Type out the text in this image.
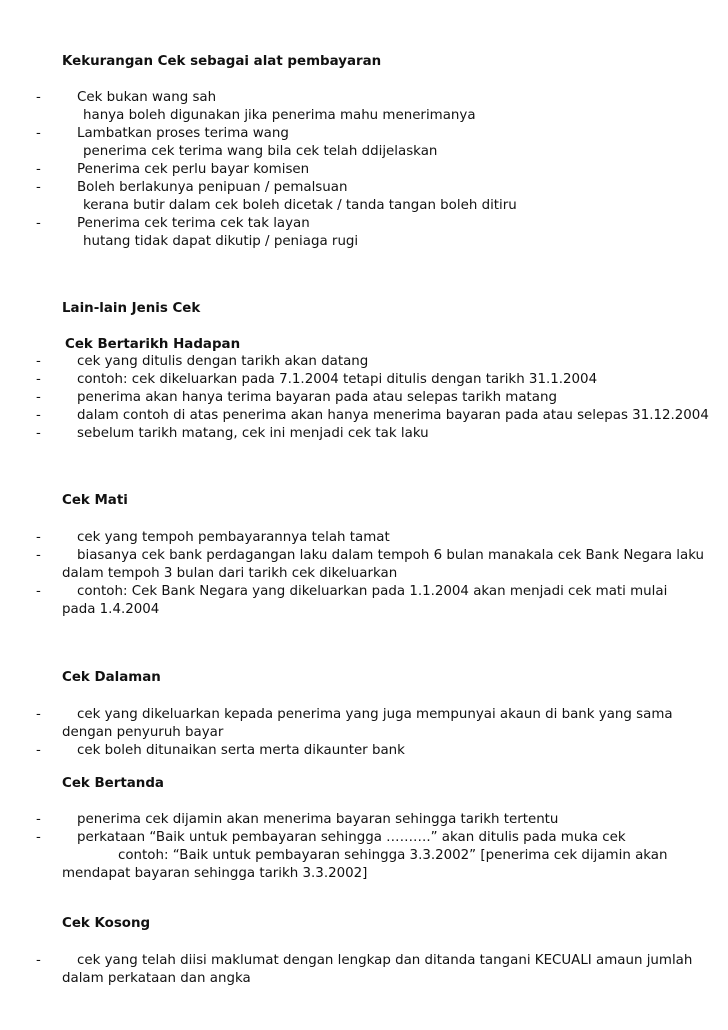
Kekurangan Cek sebagai alat pembayaran
-	Cek bukan wang sah
hanya boleh digunakan jika penerima mahu menerimanya
-	Lambatkan proses terima wang
penerima cek terima wang bila cek telah ddijelaskan
-	Penerima cek perlu bayar komisen
-	Boleh berlakunya penipuan / pemalsuan
kerana butir dalam cek boleh dicetak / tanda tangan boleh ditiru
-	Penerima cek terima cek tak layan
hutang tidak dapat dikutip / peniaga rugi
Lain-lain Jenis Cek
Cek Bertarikh Hadapan
-	cek yang ditulis dengan tarikh akan datang
-	contoh: cek dikeluarkan pada 7.1.2004 tetapi ditulis dengan tarikh 31.1.2004
-	penerima akan hanya terima bayaran pada atau selepas tarikh matang
-	dalam contoh di atas penerima akan hanya menerima bayaran pada atau selepas 31.12.2004
-	sebelum tarikh matang, cek ini menjadi cek tak laku
Cek Mati
-	cek yang tempoh pembayarannya telah tamat
-	biasanya cek bank perdagangan laku dalam tempoh 6 bulan manakala cek Bank Negara laku
dalam tempoh 3 bulan dari tarikh cek dikeluarkan
-	contoh: Cek Bank Negara yang dikeluarkan pada 1.1.2004 akan menjadi cek mati mulai
pada 1.4.2004
Cek Dalaman
-	cek yang dikeluarkan kepada penerima yang juga mempunyai akaun di bank yang sama
dengan penyuruh bayar
-	cek boleh ditunaikan serta merta dikaunter bank
Cek Bertanda
-	penerima cek dijamin akan menerima bayaran sehingga tarikh tertentu
-	perkataan “Baik untuk pembayaran sehingga ……….” akan ditulis pada muka cek
contoh: “Baik untuk pembayaran sehingga 3.3.2002” [penerima cek dijamin akan
mendapat bayaran sehingga tarikh 3.3.2002]
Cek Kosong
-	cek yang telah diisi maklumat dengan lengkap dan ditanda tangani KECUALI amaun jumlah
dalam perkataan dan angka
